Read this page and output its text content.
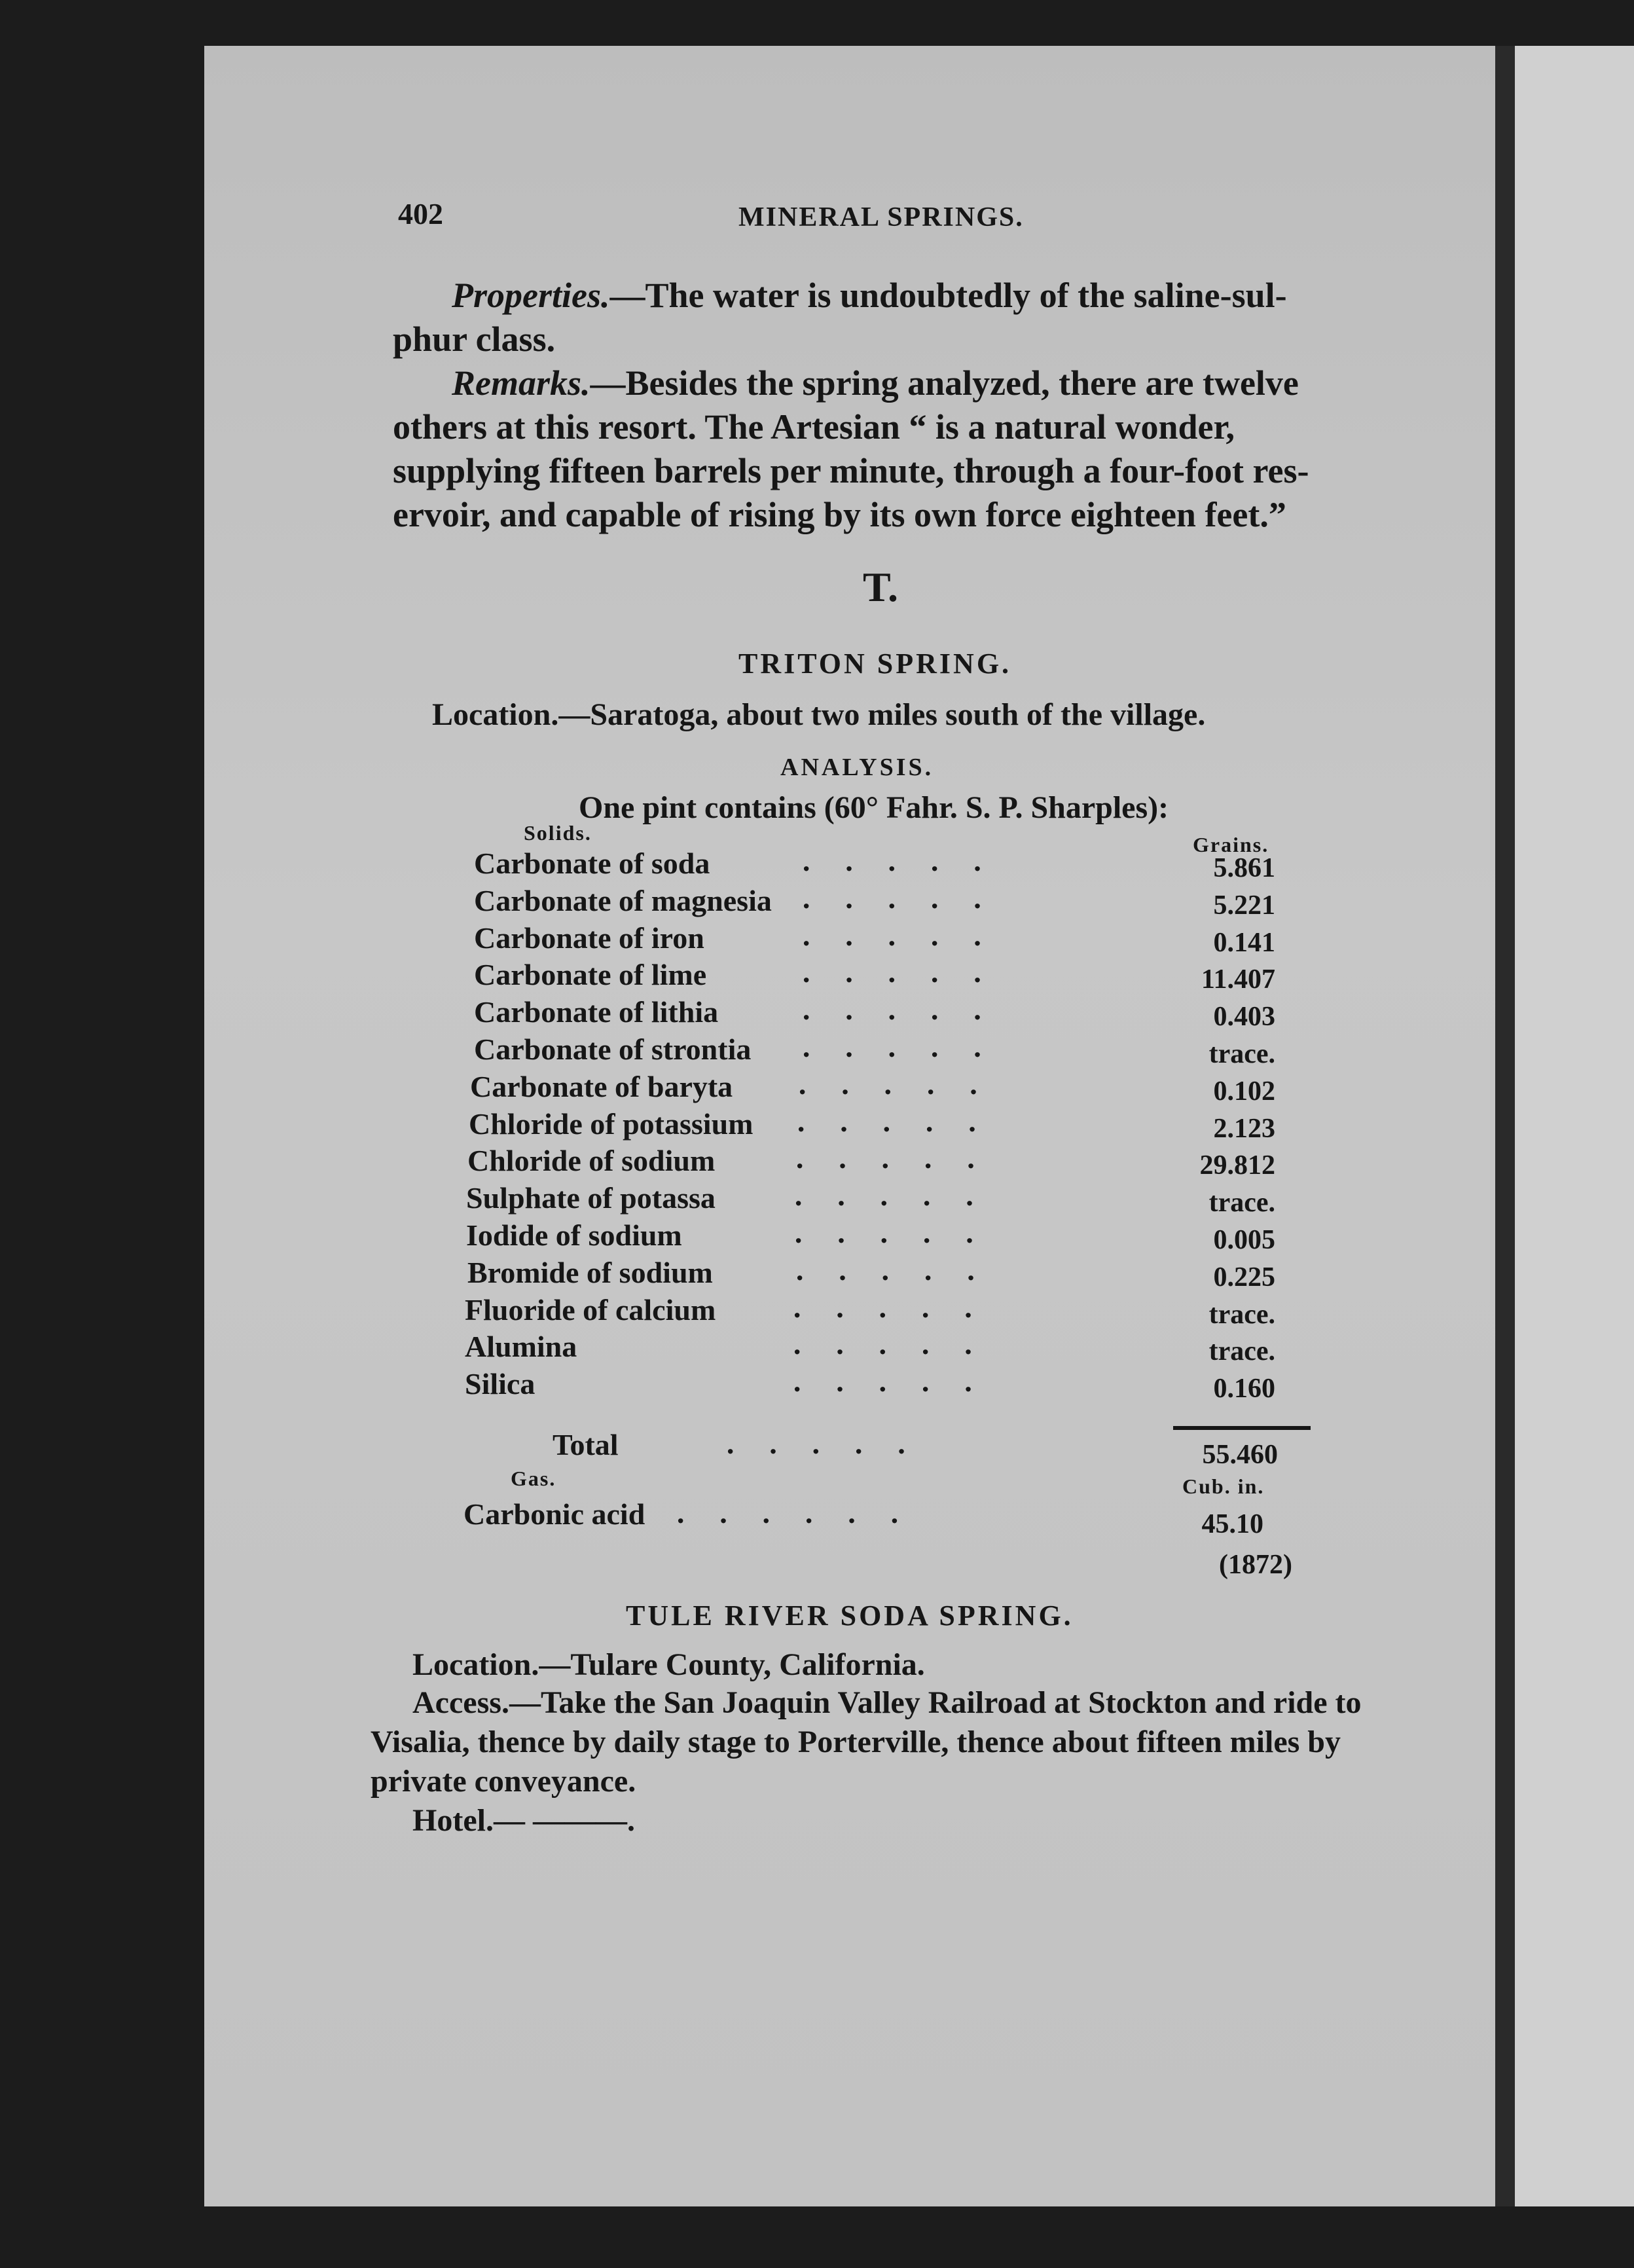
402	MINERAL SPRINGS.
Properties.—The water is undoubtedly of the saline-sul-
phur class.
Remarks.—Besides the spring analyzed, there are twelve
others at this resort. The Artesian “ is a natural wonder,
supplying fifteen barrels per minute, through a four-foot res-
ervoir, and capable of rising by its own force eighteen feet.”
T.
TRITON SPRING.
Location.—Saratoga, about two miles south of the village.
ANALYSIS.
One pint contains (60° Fahr. S. P. Sharples):
Solids.	Grains.
Carbonate of soda	·····	5.861
Carbonate of magnesia ·····	5.221
Carbonate of iron	·····	0.141
Carbonate of lime	·····	11.407
Carbonate of lithia	·····	0.403
Carbonate of strontia ·····	trace.
Carbonate of baryta ·····	0.102
Chloride of potassium ·····	2.123
Chloride of sodium	·····	29.812
Sulphate of potassa	·····	trace.
Iodide of sodium	·····	0.005
Bromide of sodium	·····	0.225
Fluoride of calcium	·····	trace.
Alumina	·····	trace.
Silica	·····	0.160
Total	·····	55.460
Gas.	Cub. in.
Carbonic acid ······	45.10
(1872)
TULE RIVER SODA SPRING.
Location.—Tulare County, California.
Access.—Take the San Joaquin Valley Railroad at Stockton and ride to
Visalia, thence by daily stage to Porterville, thence about fifteen miles by
private conveyance.
Hotel.— ———.
